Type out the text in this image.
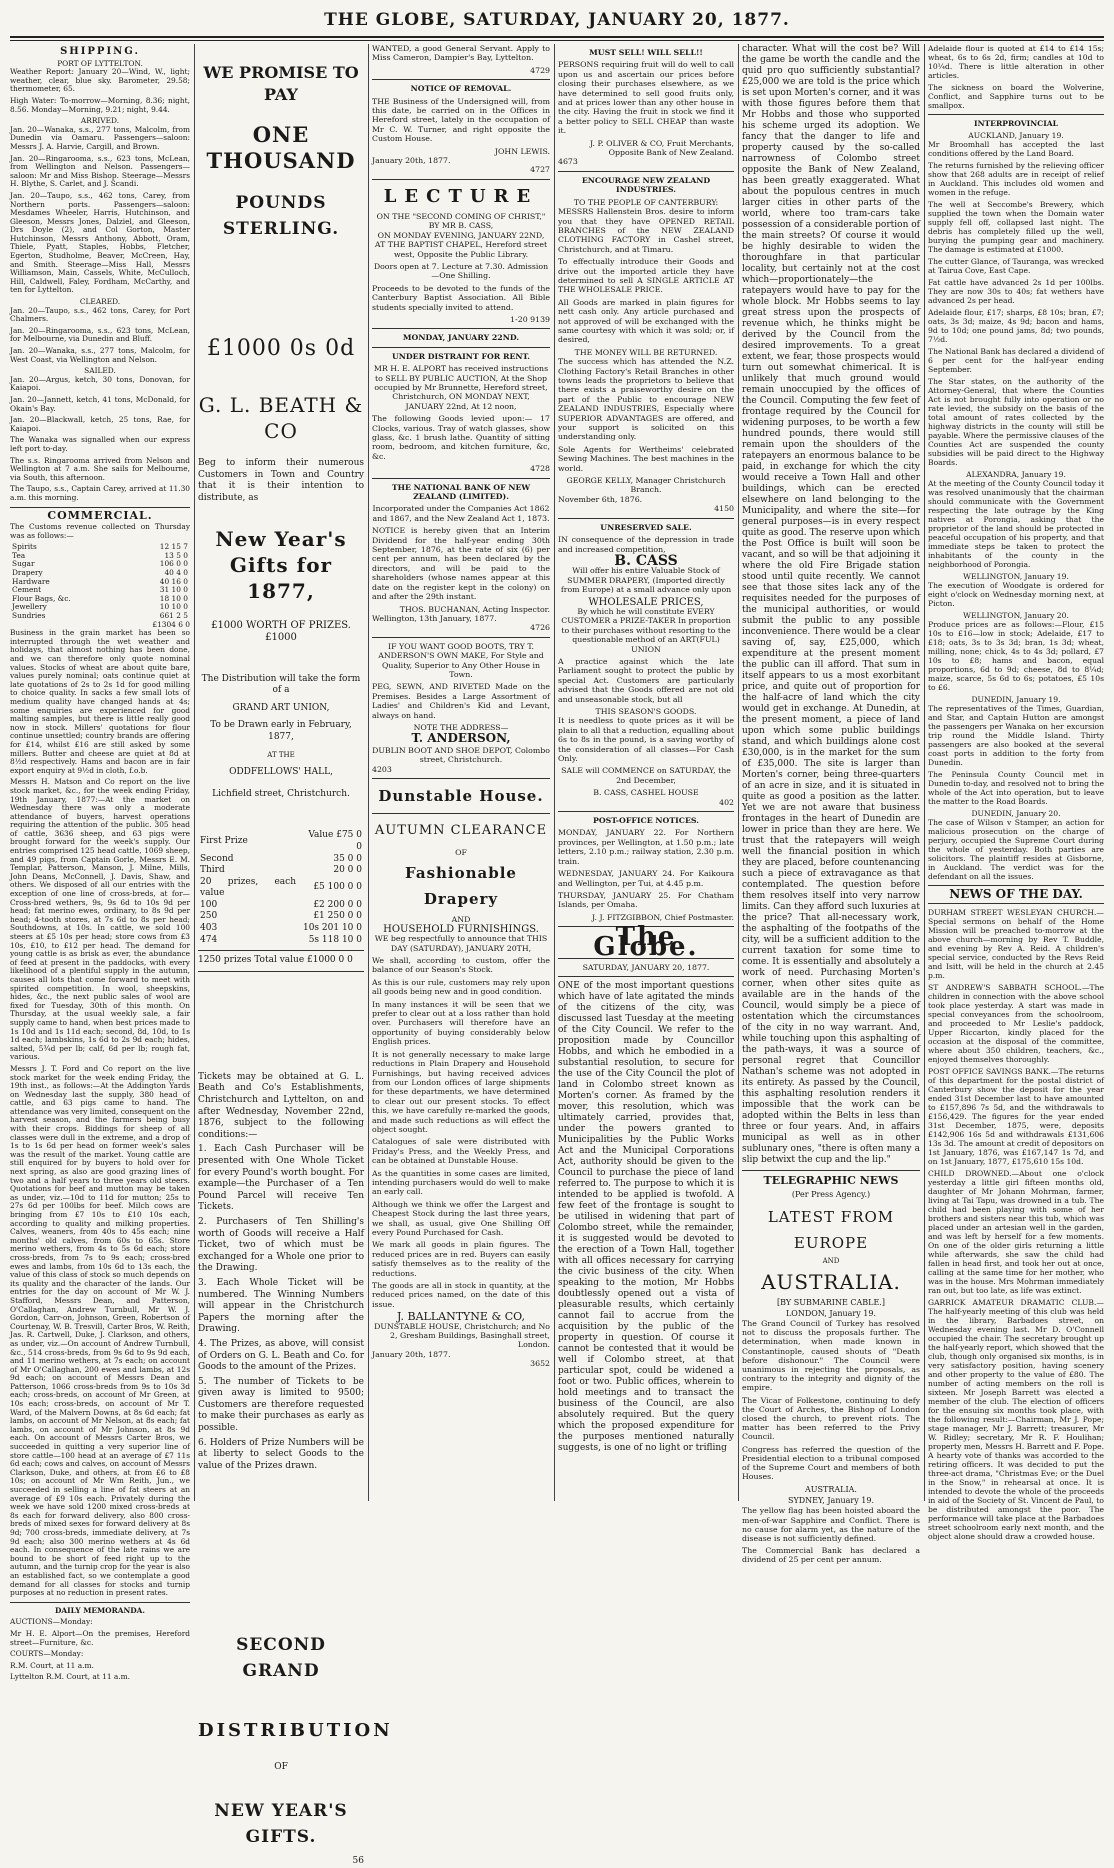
THE GLOBE, SATURDAY, JANUARY 20, 1877.
SHIPPING.
PORT OF LYTTELTON.

Weather Report: January 20—Wind, W., light; weather, clear, blue sky. Barometer, 29.58; thermometer, 65.

High Water: To-morrow—Morning, 8.36; night, 8.56. Monday—Morning, 9.21; night, 9.44.

ARRIVED.

Jan. 20—Wanaka, s.s., 277 tons, Malcolm, from Dunedin via Oamaru. Passengers—saloon: Messrs J. A. Harvie, Cargill, and Brown.

Jan. 20—Ringarooma, s.s., 623 tons, McLean, from Wellington and Nelson. Passengers—saloon: Mr and Miss Bishop. Steerage—Messrs H. Blythe, S. Carlet, and J. Scandi.

Jan. 20—Taupo, s.s., 462 tons, Carey, from Northern ports. Passengers—saloon: Mesdames Wheeler, Harris, Hutchinson, and Gleeson, Messrs Jones, Dalziel, and Gleeson, Drs Doyle (2), and Col Gorton, Master Hutchinson, Messrs Anthony, Abbott, Oram, Thiele, Pyatt, Staples, Hobbs, Fletcher, Egerton, Studholme, Beaver, McCreen, Hay, and Smith. Steerage—Miss Hall, Messrs Williamson, Main, Cassels, White, McCulloch, Hill, Caldwell, Faley, Fordham, McCarthy, and ten for Lyttelton.

CLEARED.

Jan. 20—Taupo, s.s., 462 tons, Carey, for Port Chalmers.

Jan. 20—Ringarooma, s.s., 623 tons, McLean, for Melbourne, via Dunedin and Bluff.

Jan. 20—Wanaka, s.s., 277 tons, Malcolm, for West Coast, via Wellington and Nelson.

SAILED.

Jan. 20—Argus, ketch, 30 tons, Donovan, for Kaiapoi.

Jan. 20—Jannett, ketch, 41 tons, McDonald, for Okain's Bay.

Jan. 20—Blackwall, ketch, 25 tons, Rae, for Kaiapoi.

The Wanaka was signalled when our express left port to-day.

The s.s. Ringarooma arrived from Nelson and Wellington at 7 a.m. She sails for Melbourne, via South, this afternoon.

The Taupo, s.s., Captain Carey, arrived at 11.30 a.m. this morning.

COMMERCIAL.

The Customs revenue collected on Thursday was as follows:—

Spirits	12 15 7
Tea	13 5 0
Sugar	106 0 0
Drapery	40 4 0
Hardware	40 16 0
Cement	31 10 0
Flour Bags, &c.	18 10 0
Jewellery	10 10 0
Sundries	661 2 5
£1304 6 0

Business in the grain market has been so interrupted through the wet weather and holidays, that almost nothing has been done, and we can therefore only quote nominal values. Stocks of wheat are about quite bare, values purely nominal; oats continue quiet at late quotations of 2s to 2s 1d for good milling to choice quality. In sacks a few small lots of medium quality have changed hands at 4s; some enquiries are experienced for good malting samples, but there is little really good now in stock. Millers' quotations for flour continue unsettled; country brands are offering for £14, whilst £16 are still asked by some millers. Butter and cheese are quiet at 8d at 8½d respectively. Hams and bacon are in fair export enquiry at 9½d in cloth, f.o.b.

Messrs H. Matson and Co report on the live stock market, &c., for the week ending Friday, 19th January, 1877:—At the market on Wednesday there was only a moderate attendance of buyers, harvest operations requiring the attention of the public. 305 head of cattle, 3636 sheep, and 63 pigs were brought forward for the week's supply. Our entries comprised 125 head cattle, 1069 sheep, and 49 pigs, from Captain Gorle, Messrs E. M. Templar, Patterson, Manson, J. Milne, Mills, John Deans, McConnell, J. Davis, Shaw, and others. We disposed of all our entries with the exception of one line of cross-breds, at for—Cross-bred wethers, 9s, 9s 6d to 10s 9d per head; fat merino ewes, ordinary, to 8s 9d per head; 4-tooth stores, at 7s 6d to 8s per head; Southdowns, at 10s. In cattle, we sold 100 steers at £5 10s per head; store cows from £3 10s, £10, to £12 per head. The demand for young cattle is as brisk as ever, the abundance of feed at present in the paddocks, with every likelihood of a plentiful supply in the autumn, causes all lots that come forward to meet with spirited competition. In wool, sheepskins, hides, &c., the next public sales of wool are fixed for Tuesday, 30th of this month. On Thursday, at the usual weekly sale, a fair supply came to hand, when best prices made to 1s 10d and 1s 11d each; second, 8d, 10d, to 1s 1d each; lambskins, 1s 6d to 2s 9d each; hides, salted, 5¾d per lb; calf, 6d per lb; rough fat, various.

Messrs J. T. Ford and Co report on the live stock market for the week ending Friday, the 19th inst., as follows:—At the Addington Yards on Wednesday last the supply, 380 head of cattle, and 63 pigs came to hand. The attendance was very limited, consequent on the harvest season, and the farmers being busy with their crops. Biddings for sheep of all classes were dull in the extreme, and a drop of 1s to 1s 6d per head on former week's sales was the result of the market. Young cattle are still enquired for by buyers to hold over for next spring, as also are good grazing lines of two and a half years to three years old steers. Quotations for beef and mutton may be taken as under, viz.—10d to 11d for mutton; 25s to 27s 6d per 100lbs for beef. Milch cows are bringing from £7 10s to £10 10s each, according to quality and milking properties. Calves, weaners, from 40s to 45s each; nine months' old calves, from 60s to 65s. Store merino wethers, from 4s to 5s 6d each; store cross-breds, from 7s to 9s each; cross-bred ewes and lambs, from 10s 6d to 13s each, the value of this class of stock so much depends on its quality and the character of the lands. Our entries for the day on account of Mr W. J. Stafford, Messrs Dean, and Patterson, O'Callaghan, Andrew Turnbull, Mr W. J. Gordon, Carr-on, Johnson, Green, Robertson of Courtenay, W. B. Tresvill, Carter Bros, W. Reith, Jas. R. Cartwell, Duke, J. Clarkson, and others, as under, viz.—On account of Andrew Turnbull, &c., 514 cross-breds, from 9s 6d to 9s 9d each, and 11 merino wethers, at 7s each; on account of Mr O'Callaghan, 200 ewes and lambs, at 12s 9d each; on account of Messrs Dean and Patterson, 1066 cross-breds from 9s to 10s 3d each; cross-breds, on account of Mr Green, at 10s each; cross-breds, on account of Mr T. Ward, of the Malvern Downs, at 8s 6d each; fat lambs, on account of Mr Nelson, at 8s each; fat lambs, on account of Mr Johnson, at 8s 9d each. On account of Messrs Carter Bros, we succeeded in quitting a very superior line of store cattle—100 head at an average of £7 11s 6d each; cows and calves, on account of Messrs Clarkson, Duke, and others, at from £6 to £8 10s; on account of Mr Wm Reith, Jun., we succeeded in selling a line of fat steers at an average of £9 10s each. Privately during the week we have sold 1200 mixed cross-breds at 8s each for forward delivery, also 800 cross-breds of mixed sexes for forward delivery at 8s 9d; 700 cross-breds, immediate delivery, at 7s 9d each; also 300 merino wethers at 4s 6d each. In consequence of the late rains we are bound to be short of feed right up to the autumn, and the turnip crop for the year is also an established fact, so we contemplate a good demand for all classes for stocks and turnip purposes at no reduction in present rates.

DAILY MEMORANDA.

AUCTIONS—Monday:

Mr H. E. Alport—On the premises, Hereford street—Furniture, &c.

COURTS—Monday:

R.M. Court, at 11 a.m.

Lyttelton R.M. Court, at 11 a.m.

WE PROMISE TO PAY
ONE THOUSAND
POUNDS STERLING.
£1000 0s 0d
G. L. BEATH & CO

Beg to inform their numerous Customers in Town and Country that it is their intention to distribute, as

New Year's Gifts for 1877,
£1000 WORTH OF PRIZES. £1000

The Distribution will take the form of a

GRAND ART UNION,
To be Drawn early in February, 1877,
AT THE
ODDFELLOWS' HALL,
Lichfield street, Christchurch.
First Prize	Value £75 0 0
Second	35 0 0
Third	20 0 0
20 prizes, each value	£5 100 0 0
100	£2 200 0 0
250	£1 250 0 0
403	10s 201 10 0
474	5s 118 10 0
1250 prizes Total value £1000 0 0

Tickets may be obtained at G. L. Beath and Co's Establishments, Christchurch and Lyttelton, on and after Wednesday, November 22nd, 1876, subject to the following conditions:—

1. Each Cash Purchaser will be presented with One Whole Ticket for every Pound's worth bought. For example—the Purchaser of a Ten Pound Parcel will receive Ten Tickets.

2. Purchasers of Ten Shilling's worth of Goods will receive a Half Ticket, two of which must be exchanged for a Whole one prior to the Drawing.

3. Each Whole Ticket will be numbered. The Winning Numbers will appear in the Christchurch Papers the morning after the Drawing.

4. The Prizes, as above, will consist of Orders on G. L. Beath and Co. for Goods to the amount of the Prizes.

5. The number of Tickets to be given away is limited to 9500; Customers are therefore requested to make their purchases as early as possible.

6. Holders of Prize Numbers will be at liberty to select Goods to the value of the Prizes drawn.

SECOND GRAND
DISTRIBUTION
OF
NEW YEAR'S GIFTS.
56

WANTED, a good General Servant. Apply to Miss Cameron, Dampier's Bay, Lyttelton.

4729
NOTICE OF REMOVAL.

THE Business of the Undersigned will, from this date, be carried on in the Offices in Hereford street, lately in the occupation of Mr C. W. Turner, and right opposite the Custom House.

JOHN LEWIS.
January 20th, 1877.
4727
LECTURE
ON THE "SECOND COMING OF CHRIST,"
BY MR B. CASS,

ON MONDAY EVENING, JANUARY 22ND, AT THE BAPTIST CHAPEL, Hereford street west, Opposite the Public Library.

Doors open at 7. Lecture at 7.30. Admission—One Shilling.

Proceeds to be devoted to the funds of the Canterbury Baptist Association. All Bible students specially invited to attend.

1-20 9139
MONDAY, JANUARY 22ND.
UNDER DISTRAINT FOR RENT.

MR H. E. ALPORT has received instructions to SELL BY PUBLIC AUCTION, At the Shop occupied by Mr Brunnette, Hereford street, Christchurch, ON MONDAY NEXT, JANUARY 22nd, At 12 noon,

The following Goods levied upon:— 17 Clocks, various. Tray of watch glasses, show glass, &c. 1 brush lathe. Quantity of sitting room, bedroom, and kitchen furniture, &c, &c.

4728
THE NATIONAL BANK OF NEW ZEALAND (LIMITED).

Incorporated under the Companies Act 1862 and 1867, and the New Zealand Act 1, 1873.

NOTICE is hereby given that an Interim Dividend for the half-year ending 30th September, 1876, at the rate of six (6) per cent per annum, has been declared by the directors, and will be paid to the shareholders (whose names appear at this date on the register kept in the colony) on and after the 29th instant.

THOS. BUCHANAN, Acting Inspector.
Wellington, 13th January, 1877.
4726

IF YOU WANT GOOD BOOTS, TRY T. ANDERSON'S OWN MAKE, For Style and Quality, Superior to Any Other House in Town.

PEG, SEWN, AND RIVETED Made on the Premises. Besides a Large Assortment of Ladies' and Children's Kid and Levant, always on hand.

NOTE THE ADDRESS—
T. ANDERSON,
DUBLIN BOOT AND SHOE DEPOT, Colombo street, Christchurch.
4203
Dunstable House.
AUTUMN CLEARANCE
OF
Fashionable Drapery
AND
HOUSEHOLD FURNISHINGS.

WE beg respectfully to announce that THIS DAY (SATURDAY), JANUARY 20TH,

We shall, according to custom, offer the balance of our Season's Stock.

As this is our rule, customers may rely upon all goods being new and in good condition.

In many instances it will be seen that we prefer to clear out at a loss rather than hold over. Purchasers will therefore have an opportunity of buying considerably below English prices.

It is not generally necessary to make large reductions in Plain Drapery and Household Furnishings, but having received advices from our London offices of large shipments for these departments, we have determined to clear out our present stocks. To effect this, we have carefully re-marked the goods, and made such reductions as will effect the object sought.

Catalogues of sale were distributed with Friday's Press, and the Weekly Press, and can be obtained at Dunstable House.

As the quantities in some cases are limited, intending purchasers would do well to make an early call.

Although we think we offer the Largest and Cheapest Stock during the last three years, we shall, as usual, give One Shilling Off every Pound Purchased for Cash.

We mark all goods in plain figures. The reduced prices are in red. Buyers can easily satisfy themselves as to the reality of the reductions.

The goods are all in stock in quantity, at the reduced prices named, on the date of this issue.

J. BALLANTYNE & CO,
DUNSTABLE HOUSE, Christchurch; and No 2, Gresham Buildings, Basinghall street, London.
January 20th, 1877.
3652
MUST SELL! WILL SELL!!

PERSONS requiring fruit will do well to call upon us and ascertain our prices before closing their purchases elsewhere, as we have determined to sell good fruits only, and at prices lower than any other house in the city. Having the fruit in stock we find it a better policy to SELL CHEAP than waste it.

J. P. OLIVER & CO, Fruit Merchants, Opposite Bank of New Zealand.
4673
ENCOURAGE NEW ZEALAND INDUSTRIES.
TO THE PEOPLE OF CANTERBURY:

MESSRS Hallenstein Bros. desire to inform you that they have OPENED RETAIL BRANCHES of the NEW ZEALAND CLOTHING FACTORY in Cashel street, Christchurch, and at Timaru.

To effectually introduce their Goods and drive out the imported article they have determined to sell A SINGLE ARTICLE AT THE WHOLESALE PRICE.

All Goods are marked in plain figures for nett cash only. Any article purchased and not approved of will be exchanged with the same courtesy with which it was sold; or, if desired,

THE MONEY WILL BE RETURNED.

The success which has attended the N.Z. Clothing Factory's Retail Branches in other towns leads the proprietors to believe that there exists a praiseworthy desire on the part of the Public to encourage NEW ZEALAND INDUSTRIES, Especially where SUPERIOR ADVANTAGES are offered, and your support is solicited on this understanding only.

Sole Agents for Wertheims' celebrated Sewing Machines. The best machines in the world.

GEORGE KELLY, Manager Christchurch Branch.
November 6th, 1876.
4150
UNRESERVED SALE.

IN consequence of the depression in trade and increased competition,

B. CASS

Will offer his entire Valuable Stock of SUMMER DRAPERY, (Imported directly from Europe) at a small advance only upon

WHOLESALE PRICES,

By which he will constitute EVERY CUSTOMER a PRIZE-TAKER In proportion to their purchases without resorting to the questionable method of an ART(FUL) UNION

A practice against which the late Parliament sought to protect the public by special Act. Customers are particularly advised that the Goods offered are not old and unseasonable stock, but all

THIS SEASON'S GOODS.

It is needless to quote prices as it will be plain to all that a reduction, equalling about 6s to 8s in the pound, is a saving worthy of the consideration of all classes—For Cash Only.

SALE will COMMENCE on SATURDAY, the 2nd December,

B. CASS, CASHEL HOUSE
402
POST-OFFICE NOTICES.

MONDAY, JANUARY 22. For Northern provinces, per Wellington, at 1.50 p.m.; late letters, 2.10 p.m.; railway station, 2.30 p.m. train.

WEDNESDAY, JANUARY 24. For Kaikoura and Wellington, per Tui, at 4.45 p.m.

THURSDAY, JANUARY 25. For Chatham Islands, per Omaha.

J. J. FITZGIBBON, Chief Postmaster.
The Globe.
SATURDAY, JANUARY 20, 1877.

ONE of the most important questions which have of late agitated the minds of the citizens of the city, was discussed last Tuesday at the meeting of the City Council. We refer to the proposition made by Councillor Hobbs, and which he embodied in a substantial resolution, to secure for the use of the City Council the plot of land in Colombo street known as Morten's corner. As framed by the mover, this resolution, which was ultimately carried, provides that, under the powers granted to Municipalities by the Public Works Act and the Municipal Corporations Act, authority should be given to the Council to purchase the piece of land referred to. The purpose to which it is intended to be applied is twofold. A few feet of the frontage is sought to be utilised in widening that part of Colombo street, while the remainder, it is suggested would be devoted to the erection of a Town Hall, together with all offices necessary for carrying the civic business of the city. When speaking to the motion, Mr Hobbs doubtlessly opened out a vista of pleasurable results, which certainly cannot fail to accrue from the acquisition by the public of the property in question. Of course it cannot be contested that it would be well if Colombo street, at that particular spot, could be widened a foot or two. Public offices, wherein to hold meetings and to transact the business of the Council, are also absolutely required. But the query which the proposed expenditure for the purposes mentioned naturally suggests, is one of no light or trifling

character. What will the cost be? Will the game be worth the candle and the quid pro quo sufficiently substantial? £25,000 we are told is the price which is set upon Morten's corner, and it was with those figures before them that Mr Hobbs and those who supported his scheme urged its adoption. We fancy that the danger to life and property caused by the so-called narrowness of Colombo street opposite the Bank of New Zealand, has been greatly exaggerated. What about the populous centres in much larger cities in other parts of the world, where too tram-cars take possession of a considerable portion of the main streets? Of course it would be highly desirable to widen the thoroughfare in that particular locality, but certainly not at the cost which—proportionately—the ratepayers would have to pay for the whole block. Mr Hobbs seems to lay great stress upon the prospects of revenue which, he thinks might be derived by the Council from the desired improvements. To a great extent, we fear, those prospects would turn out somewhat chimerical. It is unlikely that much ground would remain unoccupied by the offices of the Council. Computing the few feet of frontage required by the Council for widening purposes, to be worth a few hundred pounds, there would still remain upon the shoulders of the ratepayers an enormous balance to be paid, in exchange for which the city would receive a Town Hall and other buildings, which can be erected elsewhere on land belonging to the Municipality, and where the site—for general purposes—is in every respect quite as good. The reserve upon which the Post Office is built will soon be vacant, and so will be that adjoining it where the old Fire Brigade station stood until quite recently. We cannot see that those sites lack any of the requisites needed for the purposes of the municipal authorities, or would submit the public to any possible inconvenience. There would be a clear saving of, say, £25,000, which expenditure at the present moment the public can ill afford. That sum in itself appears to us a most exorbitant price, and quite out of proportion for the half-acre of land which the city would get in exchange. At Dunedin, at the present moment, a piece of land upon which some public buildings stand, and which buildings alone cost £30,000, is in the market for the sum of £35,000. The site is larger than Morten's corner, being three-quarters of an acre in size, and it is situated in quite as good a position as the latter. Yet we are not aware that business frontages in the heart of Dunedin are lower in price than they are here. We trust that the ratepayers will weigh well the financial position in which they are placed, before countenancing such a piece of extravagance as that contemplated. The question before them resolves itself into very narrow limits. Can they afford such luxuries at the price? That all-necessary work, the asphalting of the footpaths of the city, will be a sufficient addition to the current taxation for some time to come. It is essentially and absolutely a work of need. Purchasing Morten's corner, when other sites quite as available are in the hands of the Council, would simply be a piece of ostentation which the circumstances of the city in no way warrant. And, while touching upon this asphalting of the path-ways, it was a source of personal regret that Councillor Nathan's scheme was not adopted in its entirety. As passed by the Council, this asphalting resolution renders it impossible that the work can be adopted within the Belts in less than three or four years. And, in affairs municipal as well as in other sublunary ones, "there is often many a slip betwixt the cup and the lip."

TELEGRAPHIC NEWS
(Per Press Agency.)
LATEST FROM EUROPE
AND
AUSTRALIA.
[BY SUBMARINE CABLE.]
LONDON, January 19.

The Grand Council of Turkey has resolved not to discuss the proposals further. The determination, when made known in Constantinople, caused shouts of "Death before dishonour." The Council were unanimous in rejecting the proposals, as contrary to the integrity and dignity of the empire.

The Vicar of Folkestone, continuing to defy the Court of Arches, the Bishop of London closed the church, to prevent riots. The matter has been referred to the Privy Council.

Congress has referred the question of the Presidential election to a tribunal composed of the Supreme Court and members of both Houses.

AUSTRALIA.
SYDNEY, January 19.

The yellow flag has been hoisted aboard the men-of-war Sapphire and Conflict. There is no cause for alarm yet, as the nature of the disease is not sufficiently defined.

The Commercial Bank has declared a dividend of 25 per cent per annum.

Adelaide flour is quoted at £14 to £14 15s; wheat, 6s to 6s 2d, firm; candles at 10d to 10¼d. There is little alteration in other articles.

The sickness on board the Wolverine, Conflict, and Sapphire turns out to be smallpox.

INTERPROVINCIAL
AUCKLAND, January 19.

Mr Broomhall has accepted the last conditions offered by the Land Board.

The returns furnished by the relieving officer show that 268 adults are in receipt of relief in Auckland. This includes old women and women in the refuge.

The well at Seccombe's Brewery, which supplied the town when the Domain water supply fell off, collapsed last night. The debris has completely filled up the well, burying the pumping gear and machinery. The damage is estimated at £1000.

The cutter Glance, of Tauranga, was wrecked at Tairua Cove, East Cape.

Fat cattle have advanced 2s 1d per 100lbs. They are now 30s to 40s; fat wethers have advanced 2s per head.

Adelaide flour, £17; sharps, £8 10s; bran, £7; oats, 3s 3d; maize, 4s 9d; bacon and hams, 9d to 10d; one pound jams, 8d; two pounds, 7½d.

The National Bank has declared a dividend of 6 per cent for the half-year ending September.

The Star states, on the authority of the Attorney-General, that where the Counties Act is not brought fully into operation or no rate levied, the subsidy on the basis of the total amount of rates collected by the highway districts in the county will still be payable. Where the permissive clauses of the Counties Act are suspended the county subsidies will be paid direct to the Highway Boards.

ALEXANDRA, January 19.

At the meeting of the County Council today it was resolved unanimously that the chairman should communicate with the Government respecting the late outrage by the King natives at Porongia, asking that the proprietor of the land should be protected in peaceful occupation of his property, and that immediate steps be taken to protect the inhabitants of the county in the neighborhood of Porongia.

WELLINGTON, January 19.

The execution of Woodgate is ordered for eight o'clock on Wednesday morning next, at Picton.

WELLINGTON, January 20.

Produce prices are as follows:—Flour, £15 10s to £16—low in stock; Adelaide, £17 to £18; oats, 3s to 3s 3d; bran, 1s 3d; wheat, milling, none; chick, 4s to 4s 3d; pollard, £7 10s to £8; hams and bacon, equal proportions, 6d to 9d; cheese, 8d to 8¼d; maize, scarce, 5s 6d to 6s; potatoes, £5 10s to £6.

DUNEDIN, January 19.

The representatives of the Times, Guardian, and Star, and Captain Hutton are amongst the passengers per Wanaka on her excursion trip round the Middle Island. Thirty passengers are also booked at the several coast ports in addition to the forty from Dunedin.

The Peninsula County Council met in Dunedin to-day, and resolved not to bring the whole of the Act into operation, but to leave the matter to the Road Boards.

DUNEDIN, January 20.

The case of Wilson v Stamper, an action for malicious prosecution on the charge of perjury, occupied the Supreme Court during the whole of yesterday. Both parties are solicitors. The plaintiff resides at Gisborne, in Auckland. The verdict was for the defendant on all the issues.

NEWS OF THE DAY.

DURHAM STREET WESLEYAN CHURCH.—Special sermons on behalf of the Home Mission will be preached to-morrow at the above church—morning by Rev T. Buddle, and evening by Rev A. Reid. A children's special service, conducted by the Revs Reid and Isitt, will be held in the church at 2.45 p.m.

ST ANDREW'S SABBATH SCHOOL.—The children in connection with the above school took place yesterday. A start was made in special conveyances from the schoolroom, and proceeded to Mr Leslie's paddock, Upper Riccarton, kindly placed for the occasion at the disposal of the committee, where about 350 children, teachers, &c., enjoyed themselves thoroughly.

POST OFFICE SAVINGS BANK.—The returns of this department for the postal district of Canterbury show the deposit for the year ended 31st December last to have amounted to £157,896 7s 5d, and the withdrawals to £156,429. The figures for the year ended 31st December, 1875, were, deposits £142,906 16s 5d and withdrawals £131,606 13s 3d. The amount at credit of depositors on 1st January, 1876, was £167,147 1s 7d, and on 1st January, 1877, £175,610 15s 10d.

CHILD DROWNED.—About one o'clock yesterday a little girl fifteen months old, daughter of Mr Johann Mohrman, farmer, living at Tai Tapu, was drowned in a tub. The child had been playing with some of her brothers and sisters near this tub, which was placed under an artesian well in the garden, and was left by herself for a few moments. On one of the older girls returning a little while afterwards, she saw the child had fallen in head first, and took her out at once, calling at the same time for her mother, who was in the house. Mrs Mohrman immediately ran out, but too late, as life was extinct.

GARRICK AMATEUR DRAMATIC CLUB.—The half-yearly meeting of this club was held in the library, Barbadoes street, on Wednesday evening last. Mr D. O'Connell occupied the chair. The secretary brought up the half-yearly report, which showed that the club, though only organised six months, is in very satisfactory position, having scenery and other property to the value of £80. The number of acting members on the roll is sixteen. Mr Joseph Barrett was elected a member of the club. The election of officers for the ensuing six months took place, with the following result:—Chairman, Mr J. Pope; stage manager, Mr J. Barrett; treasurer, Mr W. Ridley; secretary, Mr R. F. Houlihan; property men, Messrs H. Barrett and F. Pope. A hearty vote of thanks was accorded to the retiring officers. It was decided to put the three-act drama, "Christmas Eve; or the Duel in the Snow," in rehearsal at once. It is intended to devote the whole of the proceeds in aid of the Society of St. Vincent de Paul, to be distributed amongst the poor. The performance will take place at the Barbadoes street schoolroom early next month, and the object alone should draw a crowded house.
